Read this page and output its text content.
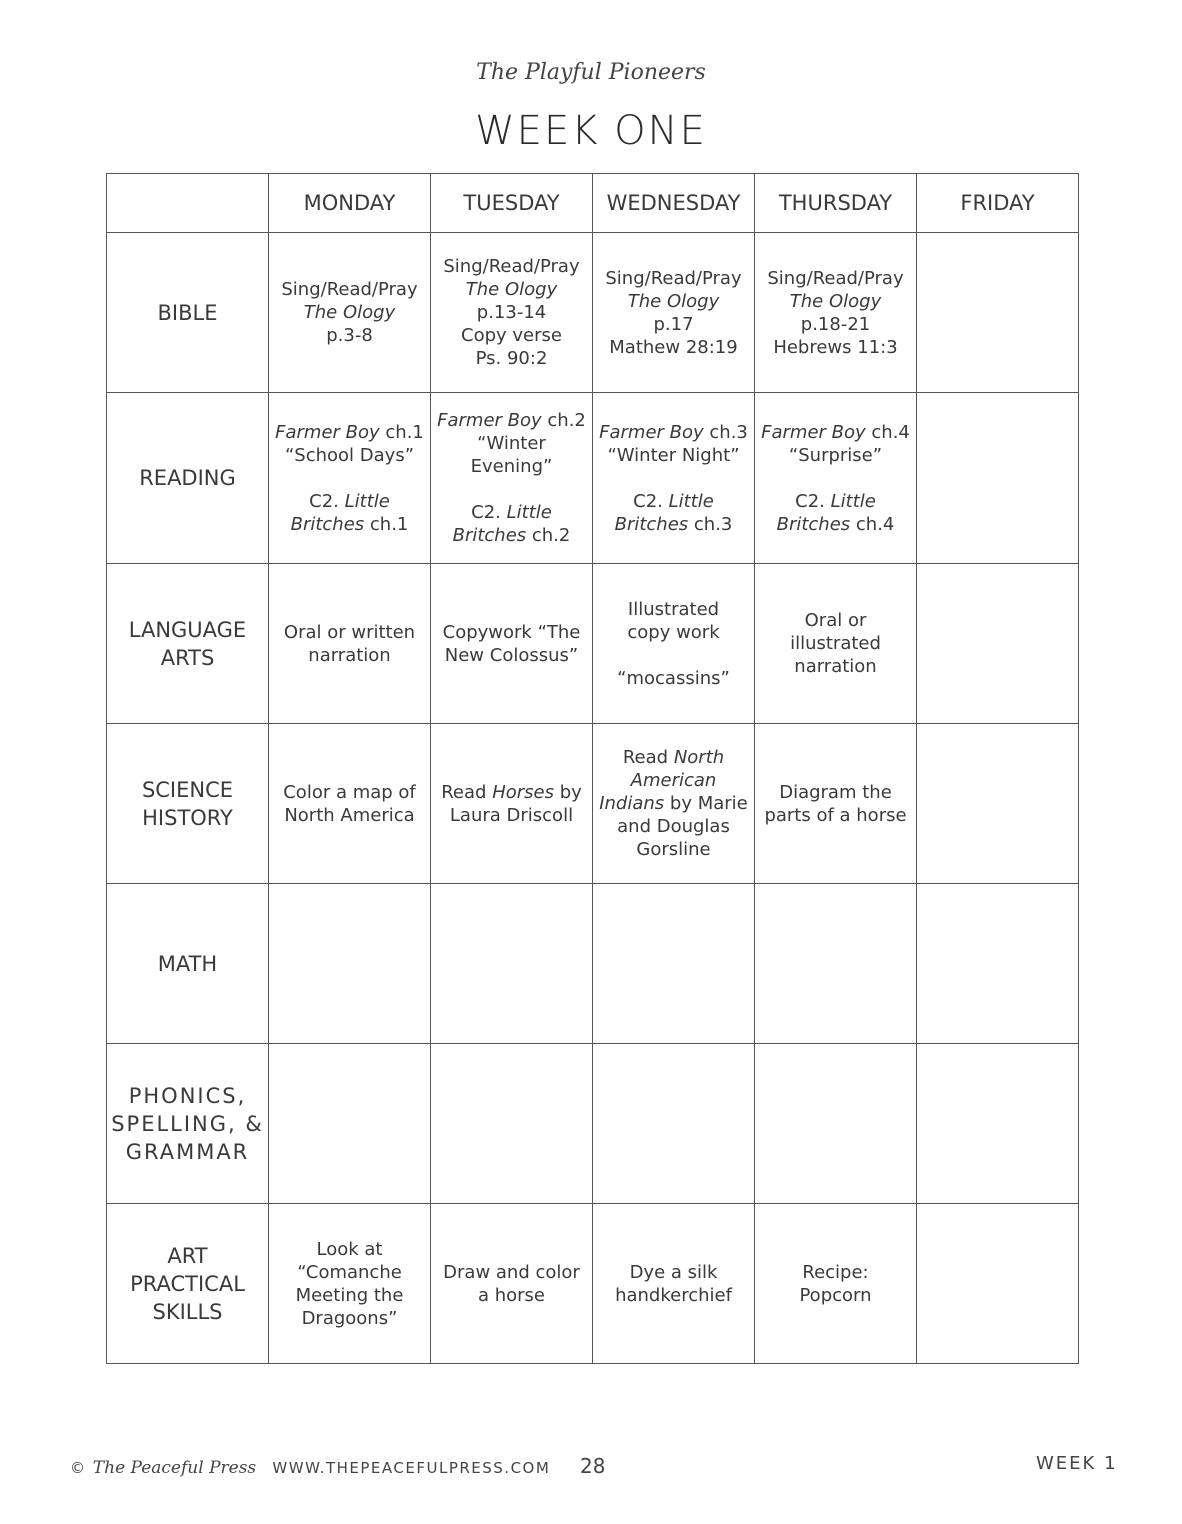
The Playful Pioneers
WEEK ONE
	MONDAY	TUESDAY	WEDNESDAY	THURSDAY	FRIDAY
BIBLE	Sing/Read/Pray
The Ology
p.3-8	Sing/Read/Pray
The Ology
p.13-14
Copy verse
Ps. 90:2	Sing/Read/Pray
The Ology
p.17
Mathew 28:19	Sing/Read/Pray
The Ology
p.18-21
Hebrews 11:3	

READING	Farmer Boy ch.1
“School Days”
C2. Little
Britches ch.1	Farmer Boy ch.2
“Winter Evening”
C2. Little
Britches ch.2	Farmer Boy ch.3
“Winter Night”
C2. Little
Britches ch.3	Farmer Boy ch.4
“Surprise”
C2. Little
Britches ch.4	

LANGUAGE
ARTS	Oral or written
narration	Copywork “The
New Colossus”	Illustrated
copy work
“mocassins”	Oral or
illustrated
narration	

SCIENCE
HISTORY	Color a map of
North America	Read Horses by
Laura Driscoll	Read North
American
Indians by Marie
and Douglas
Gorsline	Diagram the
parts of a horse	

MATH					

PHONICS,
SPELLING, &
GRAMMAR					

ART
PRACTICAL
SKILLS	Look at
“Comanche
Meeting the
Dragoons”	Draw and color
a horse	Dye a silk
handkerchief	Recipe:
Popcorn	

© The Peaceful Press WWW.THEPEACEFULPRESS.COM 28	WEEK 1
